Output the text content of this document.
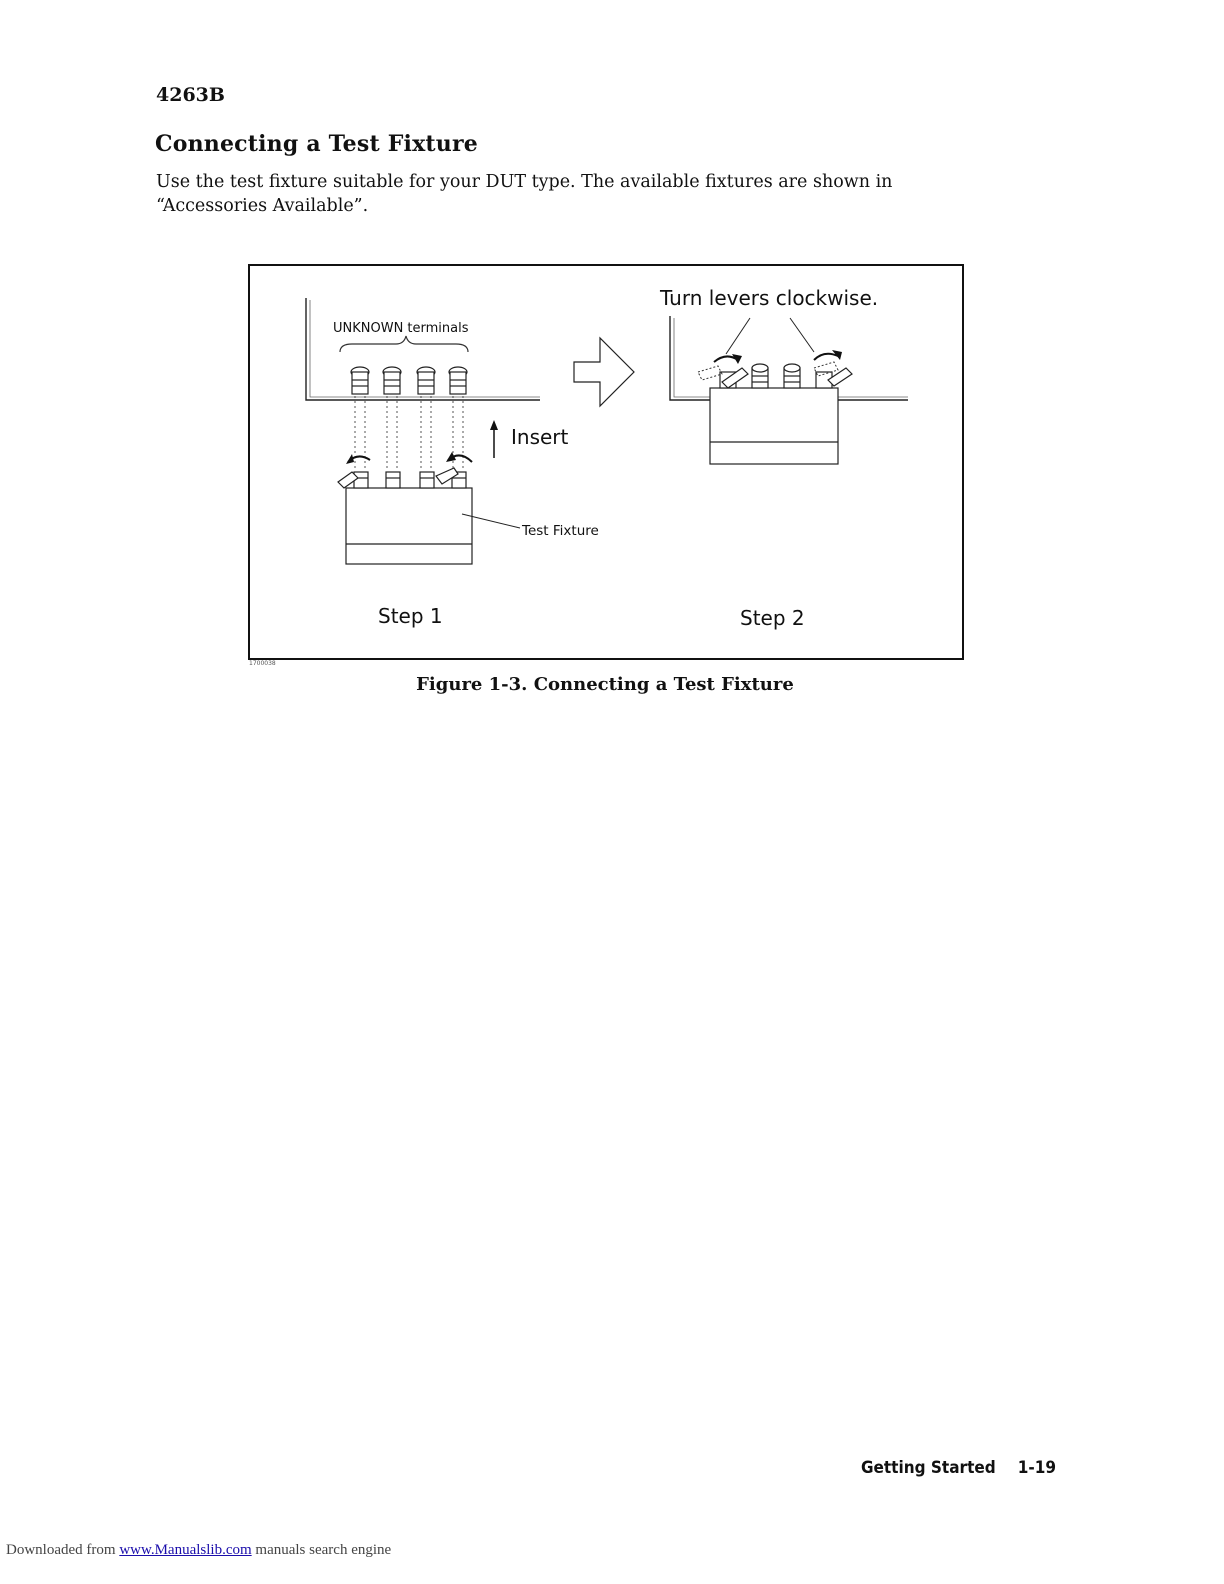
4263B
Connecting a Test Fixture
Use the test fixture suitable for your DUT type. The available fixtures are shown in
“Accessories Available”.
UNKNOWN terminals
Insert
Test Fixture
Step 1
Turn levers clockwise.
Step 2
1700038
Figure 1-3. Connecting a Test Fixture
Getting Started 1-19
Downloaded from www.Manualslib.com manuals search engine
